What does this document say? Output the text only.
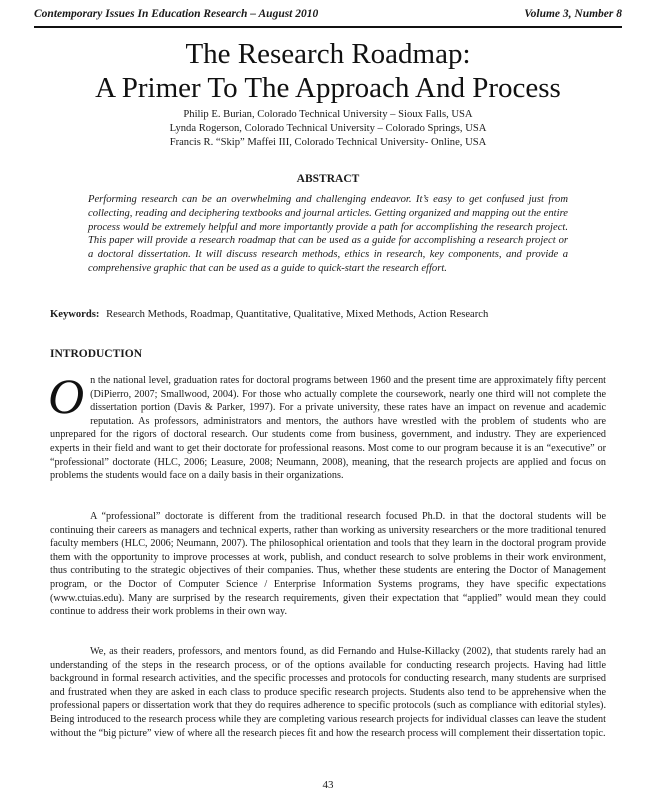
Contemporary Issues In Education Research – August 2010	Volume 3, Number 8
The Research Roadmap:
A Primer To The Approach And Process
Philip E. Burian, Colorado Technical University – Sioux Falls, USA
Lynda Rogerson, Colorado Technical University – Colorado Springs, USA
Francis R. “Skip” Maffei III, Colorado Technical University- Online, USA
ABSTRACT
Performing research can be an overwhelming and challenging endeavor. It’s easy to get confused just from collecting, reading and deciphering textbooks and journal articles. Getting organized and mapping out the entire process would be extremely helpful and more importantly provide a path for accomplishing the research project. This paper will provide a research roadmap that can be used as a guide for accomplishing a research project or a doctoral dissertation. It will discuss research methods, ethics in research, key components, and provide a comprehensive graphic that can be used as a guide to quick-start the research effort.
Keywords: Research Methods, Roadmap, Quantitative, Qualitative, Mixed Methods, Action Research
INTRODUCTION
O n the national level, graduation rates for doctoral programs between 1960 and the present time are approximately fifty percent (DiPierro, 2007; Smallwood, 2004). For those who actually complete the coursework, nearly one third will not complete the dissertation portion (Davis & Parker, 1997). For a private university, these rates have an impact on revenue and academic reputation. As professors, administrators and mentors, the authors have wrestled with the problem of students who are unprepared for the rigors of doctoral research. Our students come from business, government, and industry. They are experienced experts in their field and want to get their doctorate for professional reasons. Most come to our program because it is an “executive” or “professional” doctorate (HLC, 2006; Leasure, 2008; Neumann, 2008), meaning, that the research projects are applied and focus on problems the students would face on a daily basis in their organizations.
A “professional” doctorate is different from the traditional research focused Ph.D. in that the doctoral students will be continuing their careers as managers and technical experts, rather than working as university researchers or the more traditional tenured faculty members (HLC, 2006; Neumann, 2007). The philosophical orientation and tools that they learn in the doctoral program provide them with the opportunity to improve processes at work, publish, and conduct research to solve problems in their work environment, thus contributing to the strategic objectives of their companies. Thus, whether these students are entering the Doctor of Management program, or the Doctor of Computer Science / Enterprise Information Systems programs, they have specific expectations (www.ctuias.edu). Many are surprised by the research requirements, given their expectation that “applied” would mean they could continue to address their work problems in their own way.
We, as their readers, professors, and mentors found, as did Fernando and Hulse-Killacky (2002), that students rarely had an understanding of the steps in the research process, or of the options available for conducting research projects. Having had little background in formal research activities, and the specific processes and protocols for conducting research, many students are surprised and frustrated when they are asked in each class to produce specific research projects. Students also tend to be apprehensive when the professional papers or dissertation work that they do requires adherence to specific protocols (such as compliance with editorial styles). Being introduced to the research process while they are completing various research projects for individual classes can leave the student without the “big picture” view of where all the research pieces fit and how the research process will complement their dissertation topic.
43
